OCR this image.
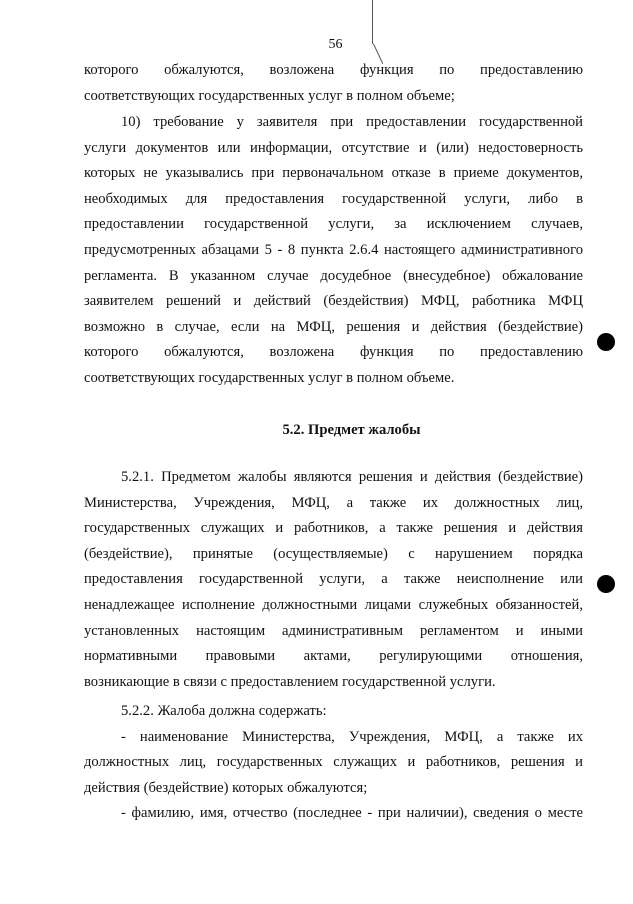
56
которого обжалуются, возложена функция по предоставлению
соответствующих государственных услуг в полном объеме;
10) требование у заявителя при предоставлении государственной
услуги документов или информации, отсутствие и (или) недостоверность
которых не указывались при первоначальном отказе в приеме документов,
необходимых для предоставления государственной услуги, либо в
предоставлении государственной услуги, за исключением случаев,
предусмотренных абзацами 5 - 8 пункта 2.6.4 настоящего административного
регламента. В указанном случае досудебное (внесудебное) обжалование
заявителем решений и действий (бездействия) МФЦ, работника МФЦ
возможно в случае, если на МФЦ, решения и действия (бездействие)
которого обжалуются, возложена функция по предоставлению
соответствующих государственных услуг в полном объеме.
5.2. Предмет жалобы
5.2.1. Предметом жалобы являются решения и действия (бездействие)
Министерства, Учреждения, МФЦ, а также их должностных лиц,
государственных служащих и работников, а также решения и действия
(бездействие), принятые (осуществляемые) с нарушением порядка
предоставления государственной услуги, а также неисполнение или
ненадлежащее исполнение должностными лицами служебных обязанностей,
установленных настоящим административным регламентом и иными
нормативными правовыми актами, регулирующими отношения,
возникающие в связи с предоставлением государственной услуги.
5.2.2. Жалоба должна содержать:
- наименование Министерства, Учреждения, МФЦ, а также их
должностных лиц, государственных служащих и работников, решения и
действия (бездействие) которых обжалуются;
- фамилию, имя, отчество (последнее - при наличии), сведения о месте
